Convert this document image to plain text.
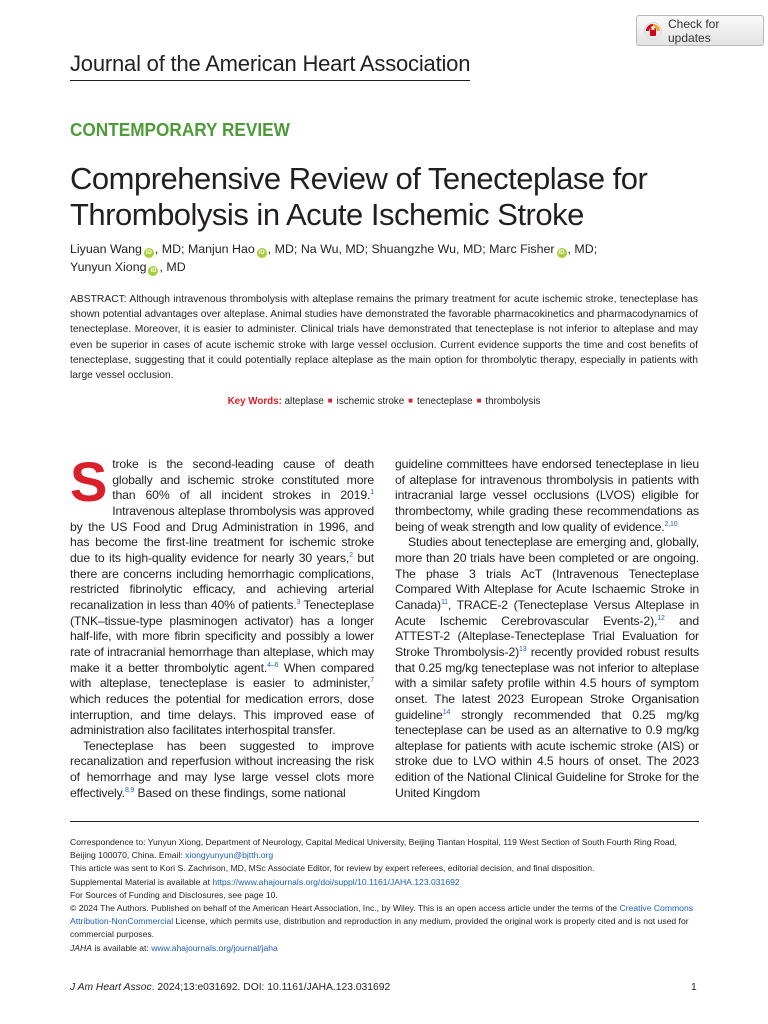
Check for updates
Journal of the American Heart Association
CONTEMPORARY REVIEW
Comprehensive Review of Tenecteplase for Thrombolysis in Acute Ischemic Stroke
Liyuan Wang iD , MD; Manjun Hao iD , MD; Na Wu, MD; Shuangzhe Wu, MD; Marc Fisher iD , MD;
Yunyun Xiong iD , MD
ABSTRACT: Although intravenous thrombolysis with alteplase remains the primary treatment for acute ischemic stroke, tenecteplase has shown potential advantages over alteplase. Animal studies have demonstrated the favorable pharmacokinetics and pharmacodynamics of tenecteplase. Moreover, it is easier to administer. Clinical trials have demonstrated that tenecteplase is not inferior to alteplase and may even be superior in cases of acute ischemic stroke with large vessel occlusion. Current evidence supports the time and cost benefits of tenecteplase, suggesting that it could potentially replace alteplase as the main option for thrombolytic therapy, especially in patients with large vessel occlusion.
Key Words: alteplase ■ ischemic stroke ■ tenecteplase ■ thrombolysis

Stroke is the second-leading cause of death globally and ischemic stroke constituted more than 60% of all incident strokes in 2019.$^1$ Intravenous alteplase thrombolysis was approved by the US Food and Drug Administration in 1996, and has become the first-line treatment for ischemic stroke due to its high-quality evidence for nearly 30 years,$^2$ but there are concerns including hemorrhagic complications, restricted fibrinolytic efficacy, and achieving arterial recanalization in less than 40% of patients.$^3$ Tenecteplase (TNK–tissue-type plasminogen activator) has a longer half-life, with more fibrin specificity and possibly a lower rate of intracranial hemorrhage than alteplase, which may make it a better thrombolytic agent.$^{4-6}$ When compared with alteplase, tenecteplase is easier to administer,$^7$ which reduces the potential for medication errors, dose interruption, and time delays. This improved ease of administration also facilitates interhospital transfer.

Tenecteplase has been suggested to improve recanalization and reperfusion without increasing the risk of hemorrhage and may lyse large vessel clots more effectively.$^{8,9}$ Based on these findings, some national

guideline committees have endorsed tenecteplase in lieu of alteplase for intravenous thrombolysis in patients with intracranial large vessel occlusions (LVOS) eligible for thrombectomy, while grading these recommendations as being of weak strength and low quality of evidence.$^{2,10}$

Studies about tenecteplase are emerging and, globally, more than 20 trials have been completed or are ongoing. The phase 3 trials AcT (Intravenous Tenecteplase Compared With Alteplase for Acute Ischaemic Stroke in Canada)$^{11}$, TRACE-2 (Tenecteplase Versus Alteplase in Acute Ischemic Cerebrovascular Events-2),$^{12}$ and ATTEST-2 (Alteplase-Tenecteplase Trial Evaluation for Stroke Thrombolysis-2)$^{13}$ recently provided robust results that 0.25 mg/kg tenecteplase was not inferior to alteplase with a similar safety profile within 4.5 hours of symptom onset. The latest 2023 European Stroke Organisation guideline$^{14}$ strongly recommended that 0.25 mg/kg tenecteplase can be used as an alternative to 0.9 mg/kg alteplase for patients with acute ischemic stroke (AIS) or stroke due to LVO within 4.5 hours of onset. The 2023 edition of the National Clinical Guideline for Stroke for the United Kingdom

Correspondence to: Yunyun Xiong, Department of Neurology, Capital Medical University, Beijing Tiantan Hospital, 119 West Section of South Fourth Ring Road, Beijing 100070, China. Email: xiongyunyun@bjtth.org

This article was sent to Kori S. Zachrison, MD, MSc Associate Editor, for review by expert referees, editorial decision, and final disposition.

Supplemental Material is available at https://www.ahajournals.org/doi/suppl/10.1161/JAHA.123.031692

For Sources of Funding and Disclosures, see page 10.

© 2024 The Authors. Published on behalf of the American Heart Association, Inc., by Wiley. This is an open access article under the terms of the Creative Commons Attribution-NonCommercial License, which permits use, distribution and reproduction in any medium, provided the original work is properly cited and is not used for commercial purposes.

JAHA is available at: www.ahajournals.org/journal/jaha

J Am Heart Assoc. 2024;13:e031692. DOI: 10.1161/JAHA.123.031692	1
